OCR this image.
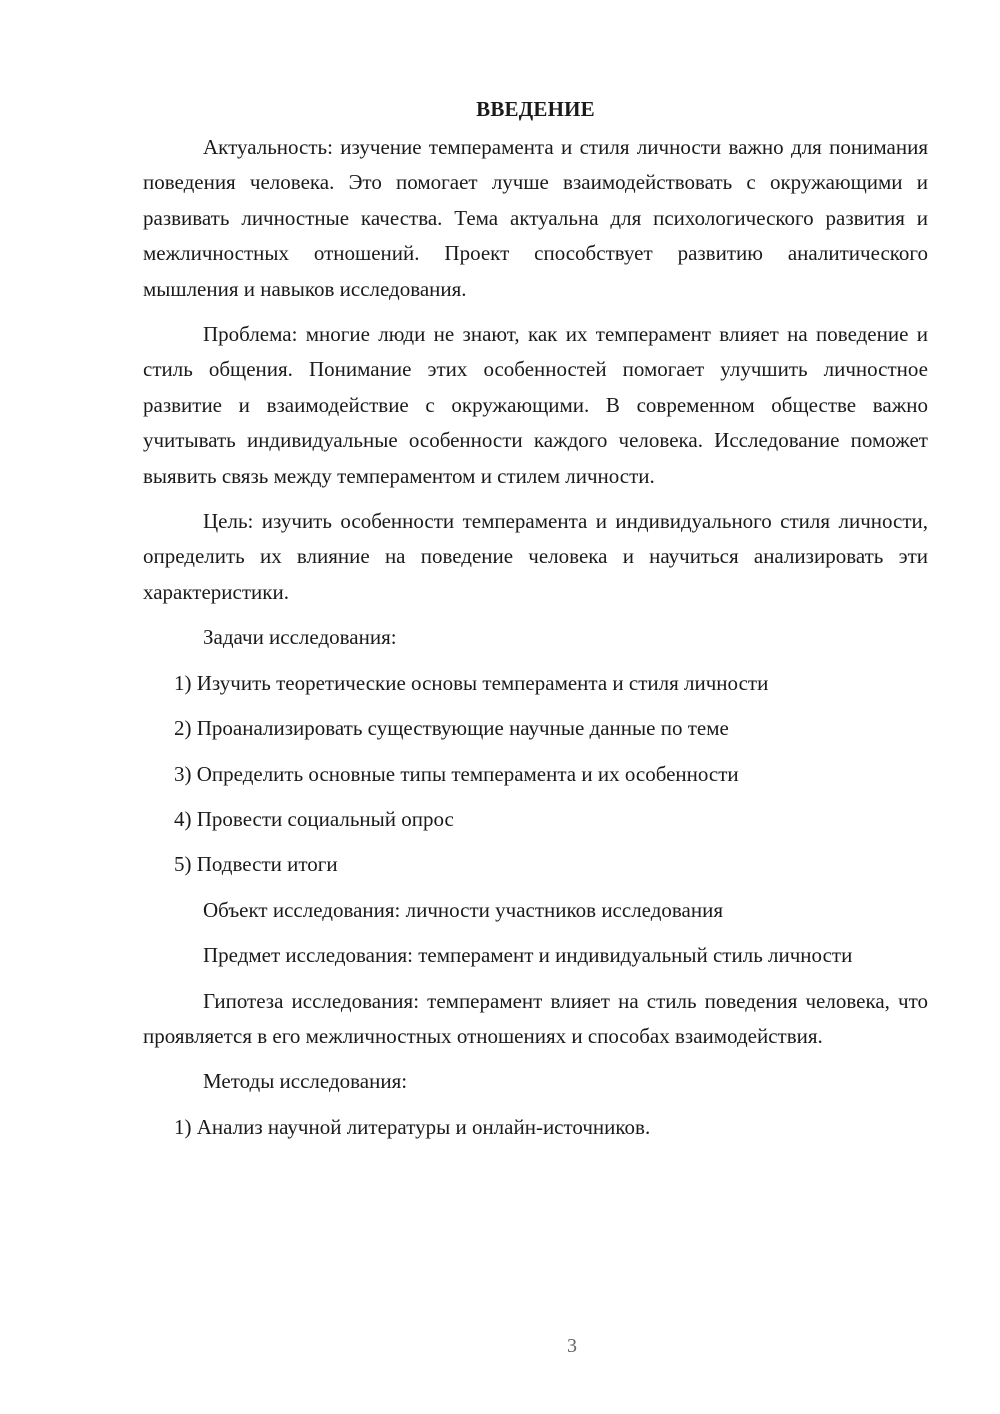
ВВЕДЕНИЕ

Актуальность: изучение темперамента и стиля личности важно для понимания поведения человека. Это помогает лучше взаимодействовать с окружающими и развивать личностные качества. Тема актуальна для психологического развития и межличностных отношений. Проект способствует развитию аналитического мышления и навыков исследования.

Проблема: многие люди не знают, как их темперамент влияет на поведение и стиль общения. Понимание этих особенностей помогает улучшить личностное развитие и взаимодействие с окружающими. В современном обществе важно учитывать индивидуальные особенности каждого человека. Исследование поможет выявить связь между темпераментом и стилем личности.

Цель: изучить особенности темперамента и индивидуального стиля личности, определить их влияние на поведение человека и научиться анализировать эти характеристики.

Задачи исследования:

1) Изучить теоретические основы темперамента и стиля личности

2) Проанализировать существующие научные данные по теме

3) Определить основные типы темперамента и их особенности

4) Провести социальный опрос

5) Подвести итоги

Объект исследования: личности участников исследования

Предмет исследования: темперамент и индивидуальный стиль личности

Гипотеза исследования: темперамент влияет на стиль поведения человека, что проявляется в его межличностных отношениях и способах взаимодействия.

Методы исследования:

1) Анализ научной литературы и онлайн-источников.

3
